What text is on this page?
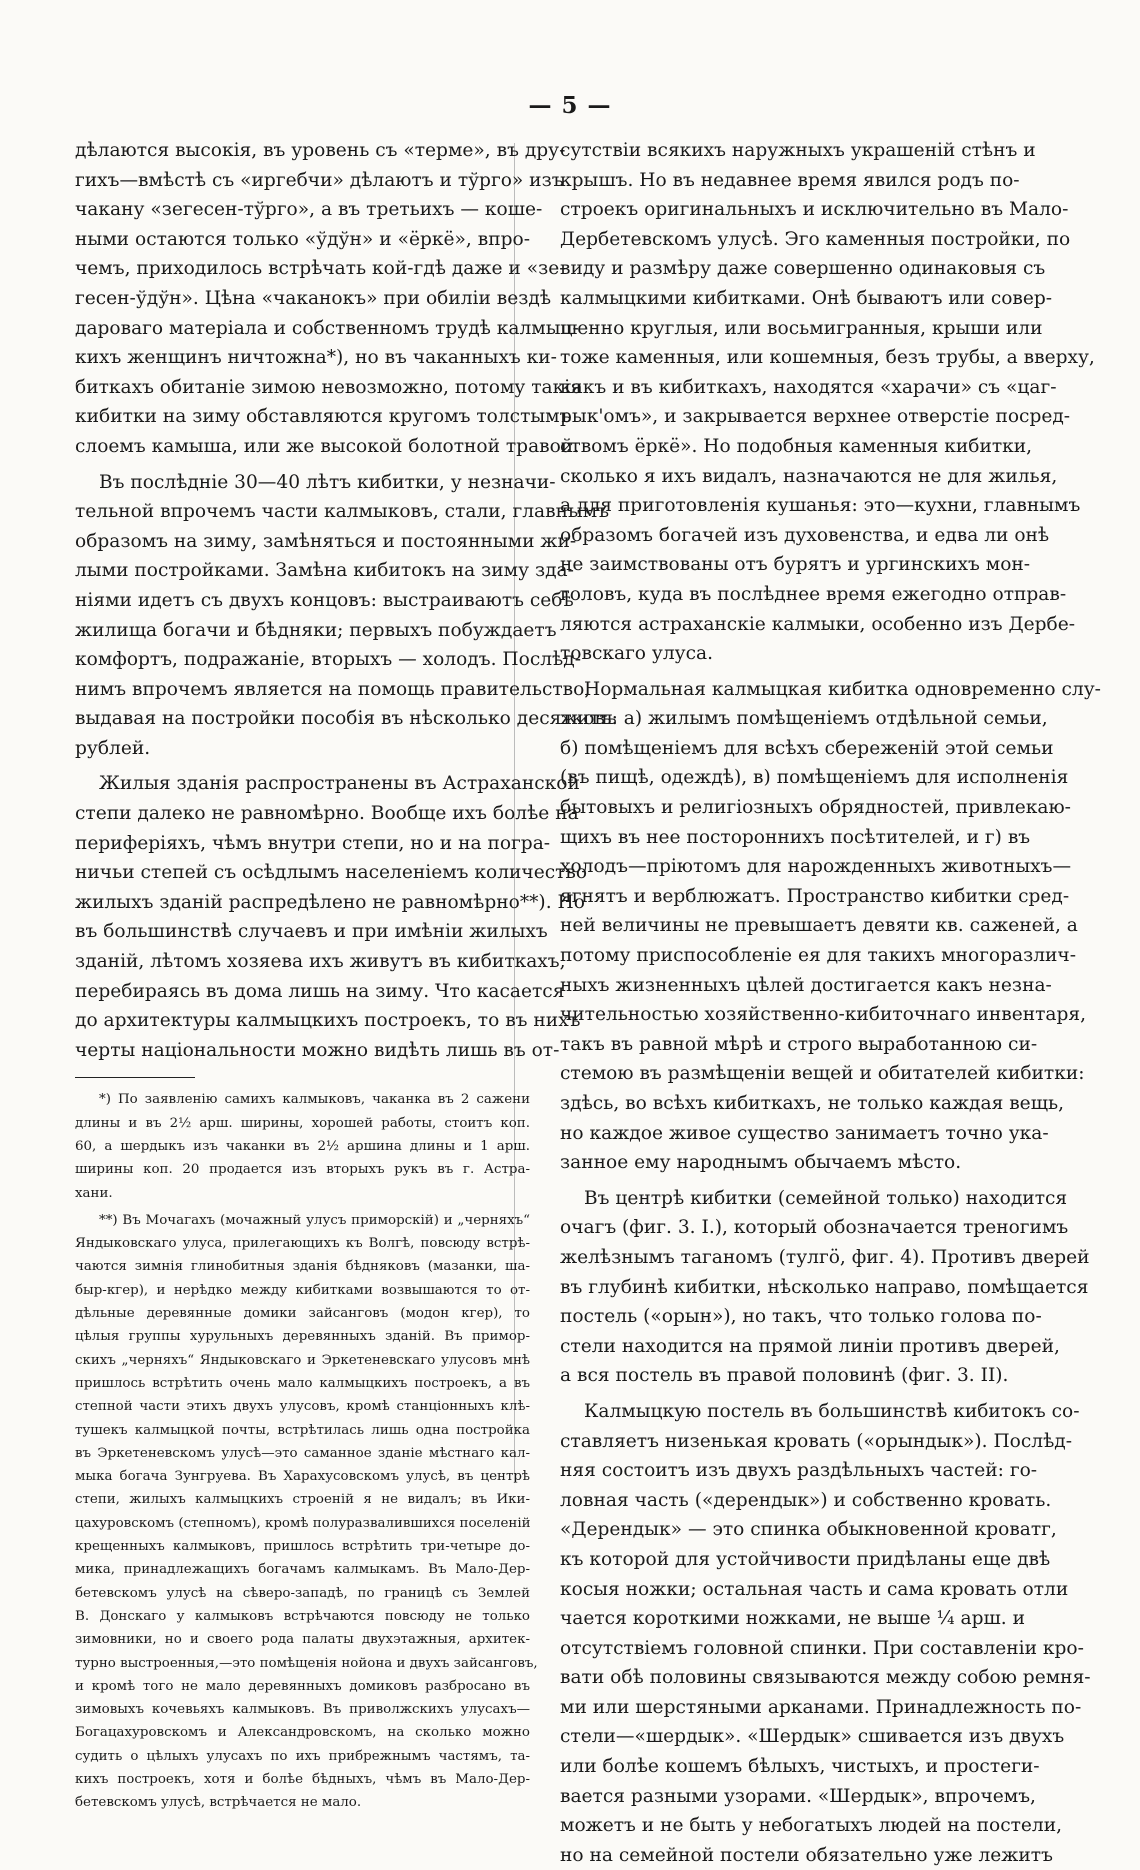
— 5 —
дѣлаются высокія, въ уровень съ «терме», въ дру-
гихъ—вмѣстѣ съ «иргебчи» дѣлаютъ и тўрго» изъ
чакану «зегесен-тўрго», а въ третьихъ — коше-
ными остаются только «ўдўн» и «ёркё», впро-
чемъ, приходилось встрѣчать кой-гдѣ даже и «зе-
гесен-ўдўн». Цѣна «чаканокъ» при обиліи вездѣ
дароваго матеріала и собственномъ трудѣ калмыц-
кихъ женщинъ ничтожна*), но въ чаканныхъ ки-
биткахъ обитаніе зимою невозможно, потому такія
кибитки на зиму обставляются кругомъ толстымъ
слоемъ камыша, или же высокой болотной травой.
Въ послѣдніе 30—40 лѣтъ кибитки, у незначи-
тельной впрочемъ части калмыковъ, стали, главнымъ
образомъ на зиму, замѣняться и постоянными жи-
лыми постройками. Замѣна кибитокъ на зиму зда-
ніями идетъ съ двухъ концовъ: выстраиваютъ себѣ
жилища богачи и бѣдняки; первыхъ побуждаетъ
комфортъ, подражаніе, вторыхъ — холодъ. Послѣд-
нимъ впрочемъ является на помощь правительство,
выдавая на постройки пособія въ нѣсколько десятковъ
рублей.
Жилыя зданія распространены въ Астраханской
степи далеко не равномѣрно. Вообще ихъ болѣе на
периферіяхъ, чѣмъ внутри степи, но и на погра-
ничьи степей съ осѣдлымъ населеніемъ количество
жилыхъ зданій распредѣлено не равномѣрно**). Но
въ большинствѣ случаевъ и при имѣніи жилыхъ
зданій, лѣтомъ хозяева ихъ живутъ въ кибиткахъ,
перебираясь въ дома лишь на зиму. Что касается
до архитектуры калмыцкихъ построекъ, то въ нихъ
черты національности можно видѣть лишь въ от-
*) По заявленію самихъ калмыковъ, чаканка въ 2 сажени
длины и въ 2½ арш. ширины, хорошей работы, стоитъ коп.
60, а шердыкъ изъ чаканки въ 2½ аршина длины и 1 арш.
ширины коп. 20 продается изъ вторыхъ рукъ въ г. Астра-
хани.
**) Въ Мочагахъ (мочажный улусъ приморскій) и „черняхъ“
Яндыковскаго улуса, прилегающихъ къ Волгѣ, повсюду встрѣ-
чаются зимнія глинобитныя зданія бѣдняковъ (мазанки, ша-
быр-кгер), и нерѣдко между кибитками возвышаются то от-
дѣльные деревянные домики зайсанговъ (модон кгер), то
цѣлыя группы хурульныхъ деревянныхъ зданій. Въ примор-
скихъ „черняхъ“ Яндыковскаго и Эркетеневскаго улусовъ мнѣ
пришлось встрѣтить очень мало калмыцкихъ построекъ, а въ
степной части этихъ двухъ улусовъ, кромѣ станціонныхъ клѣ-
тушекъ калмыцкой почты, встрѣтилась лишь одна постройка
въ Эркетеневскомъ улусѣ—это саманное зданіе мѣстнаго кал-
мыка богача Зунгруева. Въ Харахусовскомъ улусѣ, въ центрѣ
степи, жилыхъ калмыцкихъ строеній я не видалъ; въ Ики-
цахуровскомъ (степномъ), кромѣ полуразвалившихся поселеній
крещенныхъ калмыковъ, пришлось встрѣтить три-четыре до-
мика, принадлежащихъ богачамъ калмыкамъ. Въ Мало-Дер-
бетевскомъ улусѣ на сѣверо-западѣ, по границѣ съ Землей
В. Донскаго у калмыковъ встрѣчаются повсюду не только
зимовники, но и своего рода палаты двухэтажныя, архитек-
турно выстроенныя,—это помѣщенія нойона и двухъ зайсанговъ,
и кромѣ того не мало деревянныхъ домиковъ разбросано въ
зимовыхъ кочевьяхъ калмыковъ. Въ приволжскихъ улусахъ—
Богацахуровскомъ и Александровскомъ, на сколько можно
судить о цѣлыхъ улусахъ по ихъ прибрежнымъ частямъ, та-
кихъ построекъ, хотя и болѣе бѣдныхъ, чѣмъ въ Мало-Дер-
бетевскомъ улусѣ, встрѣчается не мало.
сутствіи всякихъ наружныхъ украшеній стѣнъ и
крышъ. Но въ недавнее время явился родъ по-
строекъ оригинальныхъ и исключительно въ Мало-
Дербетевскомъ улусѣ. Эго каменныя постройки, по
виду и размѣру даже совершенно одинаковыя съ
калмыцкими кибитками. Онѣ бываютъ или совер-
шенно круглыя, или восьмигранныя, крыши или
тоже каменныя, или кошемныя, безъ трубы, а вверху,
какъ и въ кибиткахъ, находятся «харачи» съ «цаг-
рык'омъ», и закрывается верхнее отверстіе посред-
ствомъ ёркё». Но подобныя каменныя кибитки,
сколько я ихъ видалъ, назначаются не для жилья,
а для приготовленія кушанья: это—кухни, главнымъ
образомъ богачей изъ духовенства, и едва ли онѣ
не заимствованы отъ бурятъ и ургинскихъ мон-
головъ, куда въ послѣднее время ежегодно отправ-
ляются астраханскіе калмыки, особенно изъ Дербе-
товскаго улуса.
Нормальная калмыцкая кибитка одновременно слу-
житъ: а) жилымъ помѣщеніемъ отдѣльной семьи,
б) помѣщеніемъ для всѣхъ сбереженій этой семьи
(въ пищѣ, одеждѣ), в) помѣщеніемъ для исполненія
бытовыхъ и религіозныхъ обрядностей, привлекаю-
щихъ въ нее постороннихъ посѣтителей, и г) въ
холодъ—пріютомъ для нарожденныхъ животныхъ—
ягнятъ и верблюжатъ. Пространство кибитки сред-
ней величины не превышаетъ девяти кв. саженей, а
потому приспособленіе ея для такихъ многоразлич-
ныхъ жизненныхъ цѣлей достигается какъ незна-
чительностью хозяйственно-кибиточнаго инвентаря,
такъ въ равной мѣрѣ и строго выработанною си-
стемою въ размѣщеніи вещей и обитателей кибитки:
здѣсь, во всѣхъ кибиткахъ, не только каждая вещь,
но каждое живое существо занимаетъ точно ука-
занное ему народнымъ обычаемъ мѣсто.
Въ центрѣ кибитки (семейной только) находится
очагъ (фиг. 3. I.), который обозначается треногимъ
желѣзнымъ таганомъ (тулгӧ, фиг. 4). Противъ дверей
въ глубинѣ кибитки, нѣсколько направо, помѣщается
постель («орын»), но такъ, что только голова по-
стели находится на прямой линіи противъ дверей,
а вся постель въ правой половинѣ (фиг. 3. II).
Калмыцкую постель въ большинствѣ кибитокъ со-
ставляетъ низенькая кровать («орындык»). Послѣд-
няя состоитъ изъ двухъ раздѣльныхъ частей: го-
ловная часть («дерендык») и собственно кровать.
«Дерендык» — это спинка обыкновенной кроватг,
къ которой для устойчивости придѣланы еще двѣ
косыя ножки; остальная часть и сама кровать отли
чается короткими ножками, не выше ¼ арш. и
отсутствіемъ головной спинки. При составленіи кро-
вати обѣ половины связываются между собою ремня-
ми или шерстяными арканами. Принадлежность по-
стели—«шердык». «Шердык» сшивается изъ двухъ
или болѣе кошемъ бѣлыхъ, чистыхъ, и простеги-
вается разными узорами. «Шердык», впрочемъ,
можетъ и не быть у небогатыхъ людей на постели,
но на семейной постели обязательно уже лежитъ
